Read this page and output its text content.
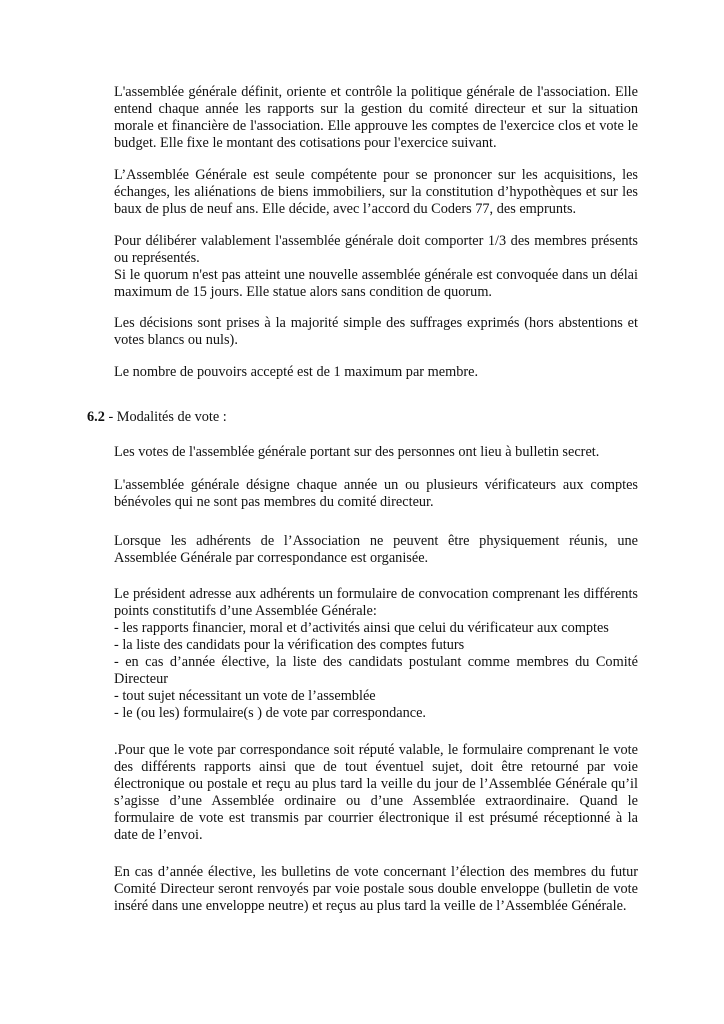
L'assemblée générale définit, oriente et contrôle la politique générale de l'association. Elle entend chaque année les rapports sur la gestion du comité directeur et sur la situation morale et financière de l'association. Elle approuve les comptes de l'exercice clos et vote le budget. Elle fixe le montant des cotisations pour l'exercice suivant.

L’Assemblée Générale est seule compétente pour se prononcer sur les acquisitions, les échanges, les aliénations de biens immobiliers, sur la constitution d’hypothèques et sur les baux de plus de neuf ans. Elle décide, avec l’accord du Coders 77, des emprunts.

Pour délibérer valablement l'assemblée générale doit comporter 1/3 des membres présents ou représentés.

Si le quorum n'est pas atteint une nouvelle assemblée générale est convoquée dans un délai maximum de 15 jours. Elle statue alors sans condition de quorum.

Les décisions sont prises à la majorité simple des suffrages exprimés (hors abstentions et votes blancs ou nuls).

Le nombre de pouvoirs accepté est de 1 maximum par membre.

6.2 - Modalités de vote :

Les votes de l'assemblée générale portant sur des personnes ont lieu à bulletin secret.

L'assemblée générale désigne chaque année un ou plusieurs vérificateurs aux comptes bénévoles qui ne sont pas membres du comité directeur.

Lorsque les adhérents de l’Association ne peuvent être physiquement réunis, une Assemblée Générale par correspondance est organisée.

Le président adresse aux adhérents un formulaire de convocation comprenant les différents points constitutifs d’une Assemblée Générale:

- les rapports financier, moral et d’activités ainsi que celui du vérificateur aux comptes

- la liste des candidats pour la vérification des comptes futurs

- en cas d’année élective, la liste des candidats postulant comme membres du Comité Directeur

- tout sujet nécessitant un vote de l’assemblée

- le (ou les) formulaire(s ) de vote par correspondance.

.Pour que le vote par correspondance soit réputé valable, le formulaire comprenant le vote des différents rapports ainsi que de tout éventuel sujet, doit être retourné par voie électronique ou postale et reçu au plus tard la veille du jour de l’Assemblée Générale qu’il s’agisse d’une Assemblée ordinaire ou d’une Assemblée extraordinaire. Quand le formulaire de vote est transmis par courrier électronique il est présumé réceptionné à la date de l’envoi.

En cas d’année élective, les bulletins de vote concernant l’élection des membres du futur Comité Directeur seront renvoyés par voie postale sous double enveloppe (bulletin de vote inséré dans une enveloppe neutre) et reçus au plus tard la veille de l’Assemblée Générale.
